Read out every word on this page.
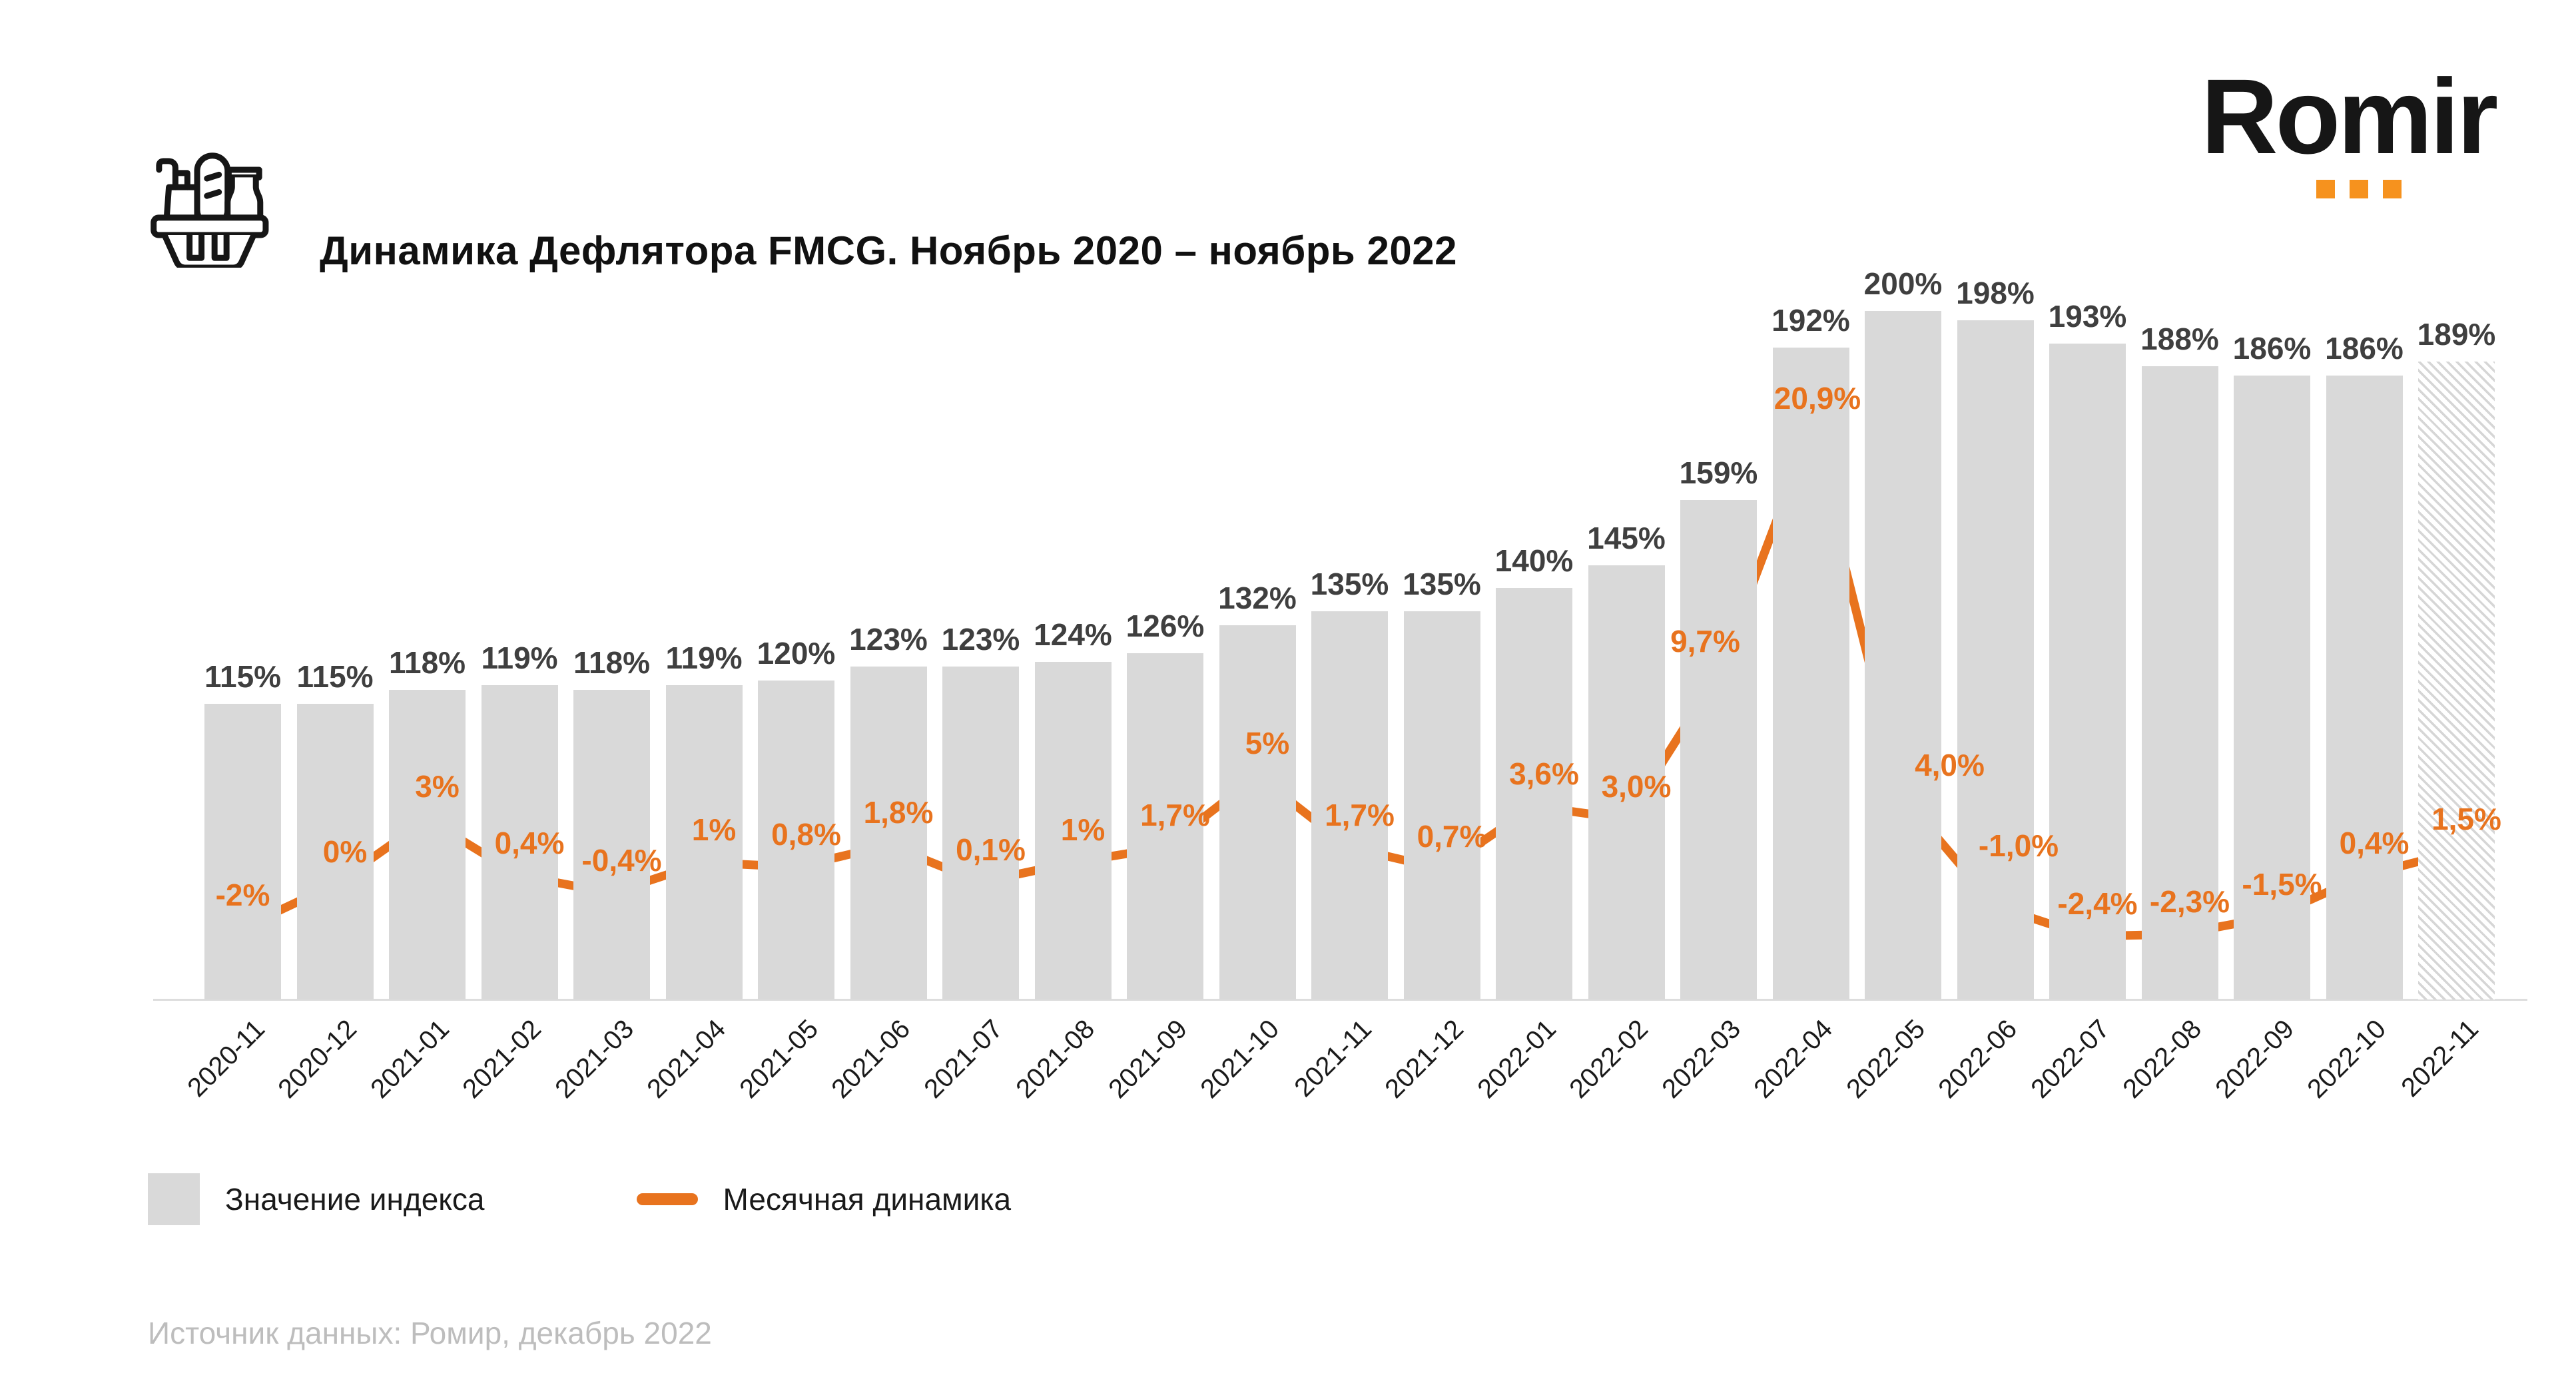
Динамика Дефлятора FMCG. Ноябрь 2020 – ноябрь 2022
Romir
115%
2020-11
115%
2020-12
118%
2021-01
119%
2021-02
118%
2021-03
119%
2021-04
120%
2021-05
123%
2021-06
123%
2021-07
124%
2021-08
126%
2021-09
132%
2021-10
135%
2021-11
135%
2021-12
140%
2022-01
145%
2022-02
159%
2022-03
192%
2022-04
200%
2022-05
198%
2022-06
193%
2022-07
188%
2022-08
186%
2022-09
186%
2022-10
189%
2022-11
-2%
0%
3%
0,4%
-0,4%
1% 0,8%
1,8%
0,1%
1% 1,7%
5%
1,7%
0,7%
3,6% 3,0%
9,7%
20,9%
4,0%
-1,0%
-2,4% -2,3%
-1,5%
0,4%
1,5%
Значение индекса	Месячная динамика
Источник данных: Ромир, декабрь 2022
